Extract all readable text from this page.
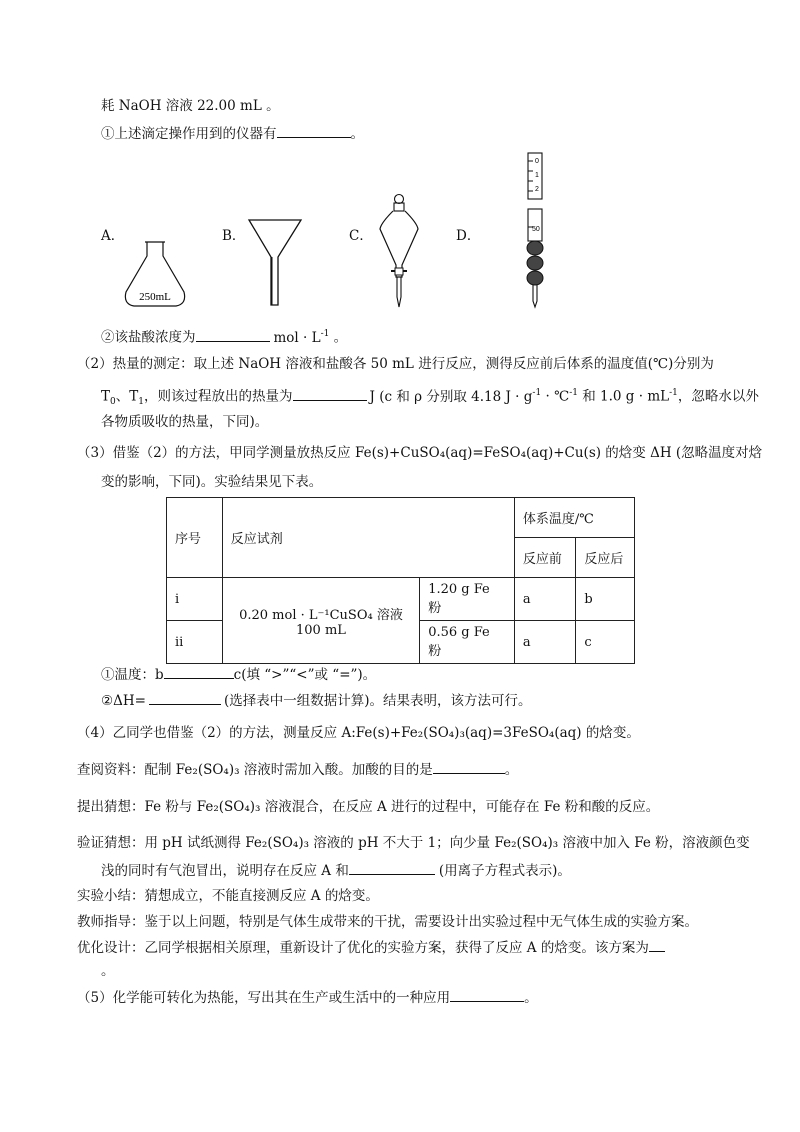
耗 NaOH 溶液 22.00 mL 。
①上述滴定操作用到的仪器有	。
A．	B．	C．	D．
250mL
0
1
2
50
②该盐酸浓度为	mol · $L^{-1}$ 。
（2）热量的测定：取上述 NaOH 溶液和盐酸各 50 mL 进行反应，测得反应前后体系的温度值(℃)分别为
$T_0$、$T_1$，则该过程放出的热量为	J (c 和 ρ 分别取 4.18 $J \cdot g^{-1}$ · ℃$^{-1}$ 和 1.0 $g \cdot mL^{-1}$，忽略水以外
各物质吸收的热量，下同)。
（3）借鉴（2）的方法，甲同学测量放热反应 Fe(s)+CuSO₄(aq)=FeSO₄(aq)+Cu(s) 的焓变 ΔH (忽略温度对焓
变的影响，下同)。实验结果见下表。
序号	反应试剂		体系温度/℃	
			反应前	反应后
i	0.20 mol · L⁻¹CuSO₄ 溶液 100 mL	1.20 g Fe 粉	a	b
ii		0.56 g Fe 粉	a	c
①温度：b	c(填 “>”“<”或 “=”)。
②ΔH=	(选择表中一组数据计算)。结果表明，该方法可行。
（4）乙同学也借鉴（2）的方法，测量反应 A:Fe(s)+Fe₂(SO₄)₃(aq)=3FeSO₄(aq) 的焓变。
查阅资料：配制 Fe₂(SO₄)₃ 溶液时需加入酸。加酸的目的是	。
提出猜想：Fe 粉与 Fe₂(SO₄)₃ 溶液混合，在反应 A 进行的过程中，可能存在 Fe 粉和酸的反应。
验证猜想：用 pH 试纸测得 Fe₂(SO₄)₃ 溶液的 pH 不大于 1；向少量 Fe₂(SO₄)₃ 溶液中加入 Fe 粉，溶液颜色变
浅的同时有气泡冒出，说明存在反应 A 和	(用离子方程式表示)。
实验小结：猜想成立，不能直接测反应 A 的焓变。
教师指导：鉴于以上问题，特别是气体生成带来的干扰，需要设计出实验过程中无气体生成的实验方案。
优化设计：乙同学根据相关原理，重新设计了优化的实验方案，获得了反应 A 的焓变。该方案为
。
（5）化学能可转化为热能，写出其在生产或生活中的一种应用	。
